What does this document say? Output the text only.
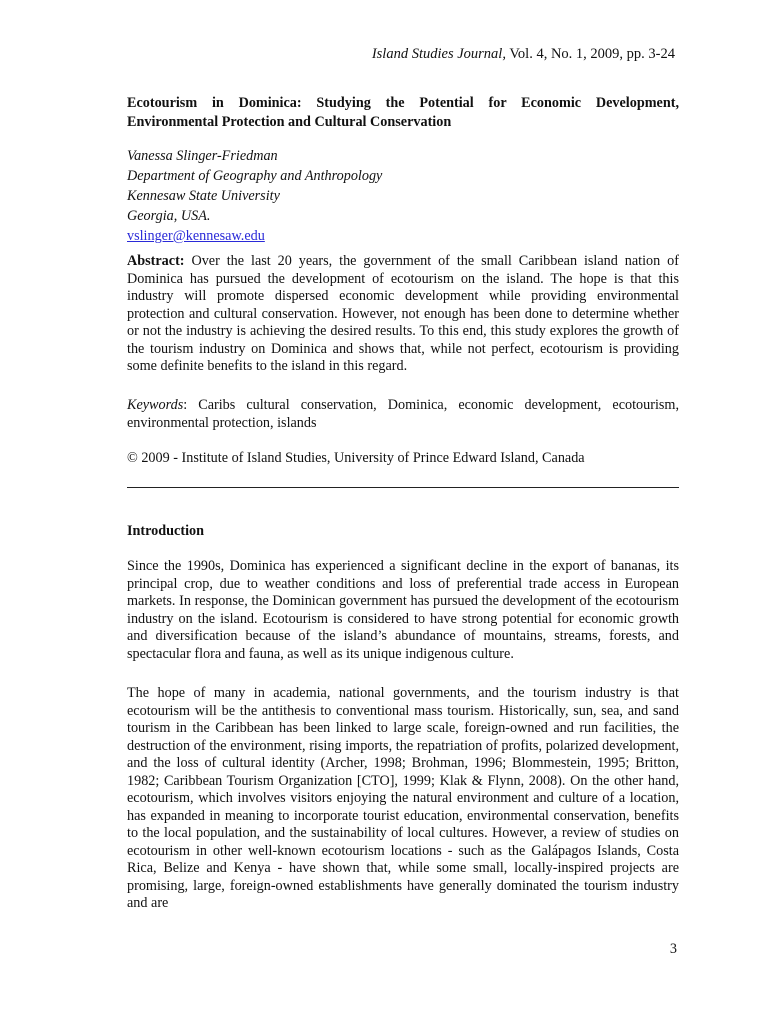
Island Studies Journal, Vol. 4, No. 1, 2009, pp. 3-24
Ecotourism in Dominica: Studying the Potential for Economic Development, Environmental Protection and Cultural Conservation
Vanessa Slinger-Friedman
Department of Geography and Anthropology
Kennesaw State University
Georgia, USA.
vslinger@kennesaw.edu

Abstract: Over the last 20 years, the government of the small Caribbean island nation of Dominica has pursued the development of ecotourism on the island. The hope is that this industry will promote dispersed economic development while providing environmental protection and cultural conservation. However, not enough has been done to determine whether or not the industry is achieving the desired results. To this end, this study explores the growth of the tourism industry on Dominica and shows that, while not perfect, ecotourism is providing some definite benefits to the island in this regard.

Keywords: Caribs cultural conservation, Dominica, economic development, ecotourism, environmental protection, islands

© 2009 - Institute of Island Studies, University of Prince Edward Island, Canada

Introduction

Since the 1990s, Dominica has experienced a significant decline in the export of bananas, its principal crop, due to weather conditions and loss of preferential trade access in European markets. In response, the Dominican government has pursued the development of the ecotourism industry on the island. Ecotourism is considered to have strong potential for economic growth and diversification because of the island’s abundance of mountains, streams, forests, and spectacular flora and fauna, as well as its unique indigenous culture.

The hope of many in academia, national governments, and the tourism industry is that ecotourism will be the antithesis to conventional mass tourism. Historically, sun, sea, and sand tourism in the Caribbean has been linked to large scale, foreign-owned and run facilities, the destruction of the environment, rising imports, the repatriation of profits, polarized development, and the loss of cultural identity (Archer, 1998; Brohman, 1996; Blommestein, 1995; Britton, 1982; Caribbean Tourism Organization [CTO], 1999; Klak & Flynn, 2008). On the other hand, ecotourism, which involves visitors enjoying the natural environment and culture of a location, has expanded in meaning to incorporate tourist education, environmental conservation, benefits to the local population, and the sustainability of local cultures. However, a review of studies on ecotourism in other well-known ecotourism locations - such as the Galápagos Islands, Costa Rica, Belize and Kenya - have shown that, while some small, locally-inspired projects are promising, large, foreign-owned establishments have generally dominated the tourism industry and are

3
